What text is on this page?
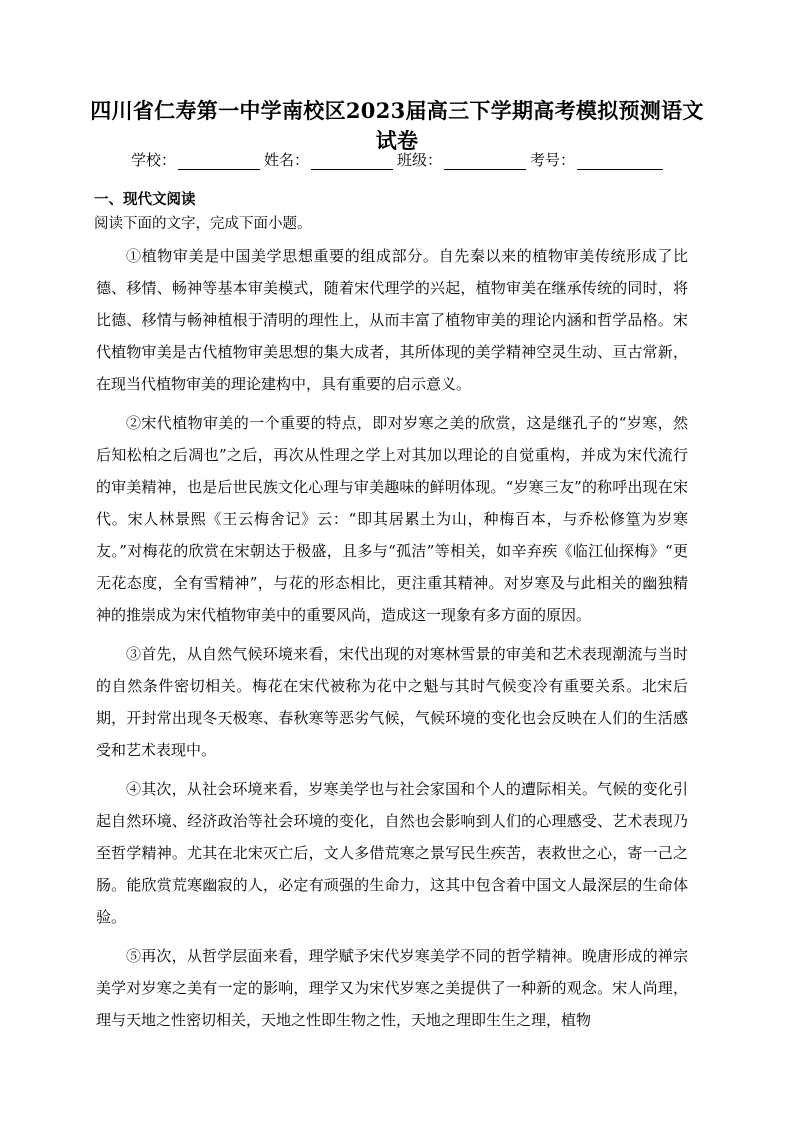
四川省仁寿第一中学南校区2023届高三下学期高考模拟预测语文试卷
学校：	姓名：	班级：	考号：
一、现代文阅读
阅读下面的文字，完成下面小题。

①植物审美是中国美学思想重要的组成部分。自先秦以来的植物审美传统形成了比德、移情、畅神等基本审美模式，随着宋代理学的兴起，植物审美在继承传统的同时，将比德、移情与畅神植根于清明的理性上，从而丰富了植物审美的理论内涵和哲学品格。宋代植物审美是古代植物审美思想的集大成者，其所体现的美学精神空灵生动、亘古常新，在现当代植物审美的理论建构中，具有重要的启示意义。

②宋代植物审美的一个重要的特点，即对岁寒之美的欣赏，这是继孔子的“岁寒，然后知松柏之后凋也”之后，再次从性理之学上对其加以理论的自觉重构，并成为宋代流行的审美精神，也是后世民族文化心理与审美趣味的鲜明体现。“岁寒三友”的称呼出现在宋代。宋人林景熙《王云梅舍记》云：“即其居累土为山，种梅百本，与乔松修篁为岁寒友。”对梅花的欣赏在宋朝达于极盛，且多与“孤洁”等相关，如辛弃疾《临江仙探梅》“更无花态度，全有雪精神”，与花的形态相比，更注重其精神。对岁寒及与此相关的幽独精神的推崇成为宋代植物审美中的重要风尚，造成这一现象有多方面的原因。

③首先，从自然气候环境来看，宋代出现的对寒林雪景的审美和艺术表现潮流与当时的自然条件密切相关。梅花在宋代被称为花中之魁与其时气候变冷有重要关系。北宋后期，开封常出现冬天极寒、春秋寒等恶劣气候，气候环境的变化也会反映在人们的生活感受和艺术表现中。

④其次，从社会环境来看，岁寒美学也与社会家国和个人的遭际相关。气候的变化引起自然环境、经济政治等社会环境的变化，自然也会影响到人们的心理感受、艺术表现乃至哲学精神。尤其在北宋灭亡后，文人多借荒寒之景写民生疾苦，表救世之心，寄一己之肠。能欣赏荒寒幽寂的人，必定有顽强的生命力，这其中包含着中国文人最深层的生命体验。

⑤再次，从哲学层面来看，理学赋予宋代岁寒美学不同的哲学精神。晚唐形成的禅宗美学对岁寒之美有一定的影响，理学又为宋代岁寒之美提供了一种新的观念。宋人尚理，理与天地之性密切相关，天地之性即生物之性，天地之理即生生之理，植物
